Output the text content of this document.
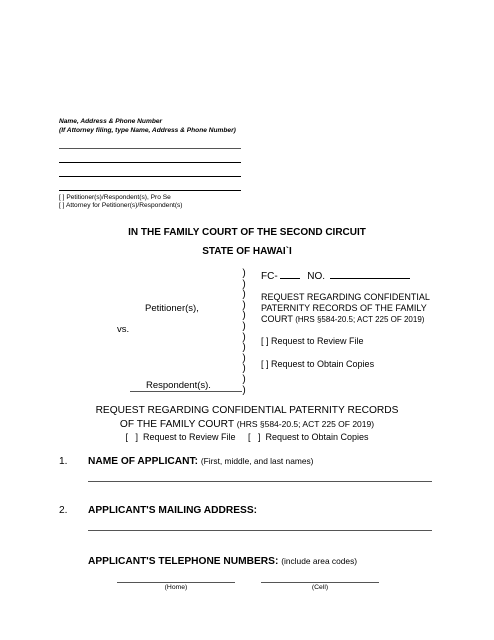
Name, Address & Phone Number
(If Attorney filing, type Name, Address & Phone Number)
[ ] Petitioner(s)/Respondent(s), Pro Se
[ ] Attorney for Petitioner(s)/Respondent(s)
IN THE FAMILY COURT OF THE SECOND CIRCUIT
STATE OF HAWAI`I
)
)
)
)
)
)
)
)
)
)
)
)
Petitioner(s),
vs.
Respondent(s).
FC-	NO.
REQUEST REGARDING CONFIDENTIAL
PATERNITY RECORDS OF THE FAMILY
COURT (HRS §584-20.5; ACT 225 OF 2019)
[ ] Request to Review File
[ ] Request to Obtain Copies
REQUEST REGARDING CONFIDENTIAL PATERNITY RECORDS
OF THE FAMILY COURT (HRS §584-20.5; ACT 225 OF 2019)
[   ]  Request to Review File     [   ]  Request to Obtain Copies
1. NAME OF APPLICANT: (First, middle, and last names)
2. APPLICANT'S MAILING ADDRESS:
APPLICANT'S TELEPHONE NUMBERS: (include area codes)
(Home)	(Cell)
